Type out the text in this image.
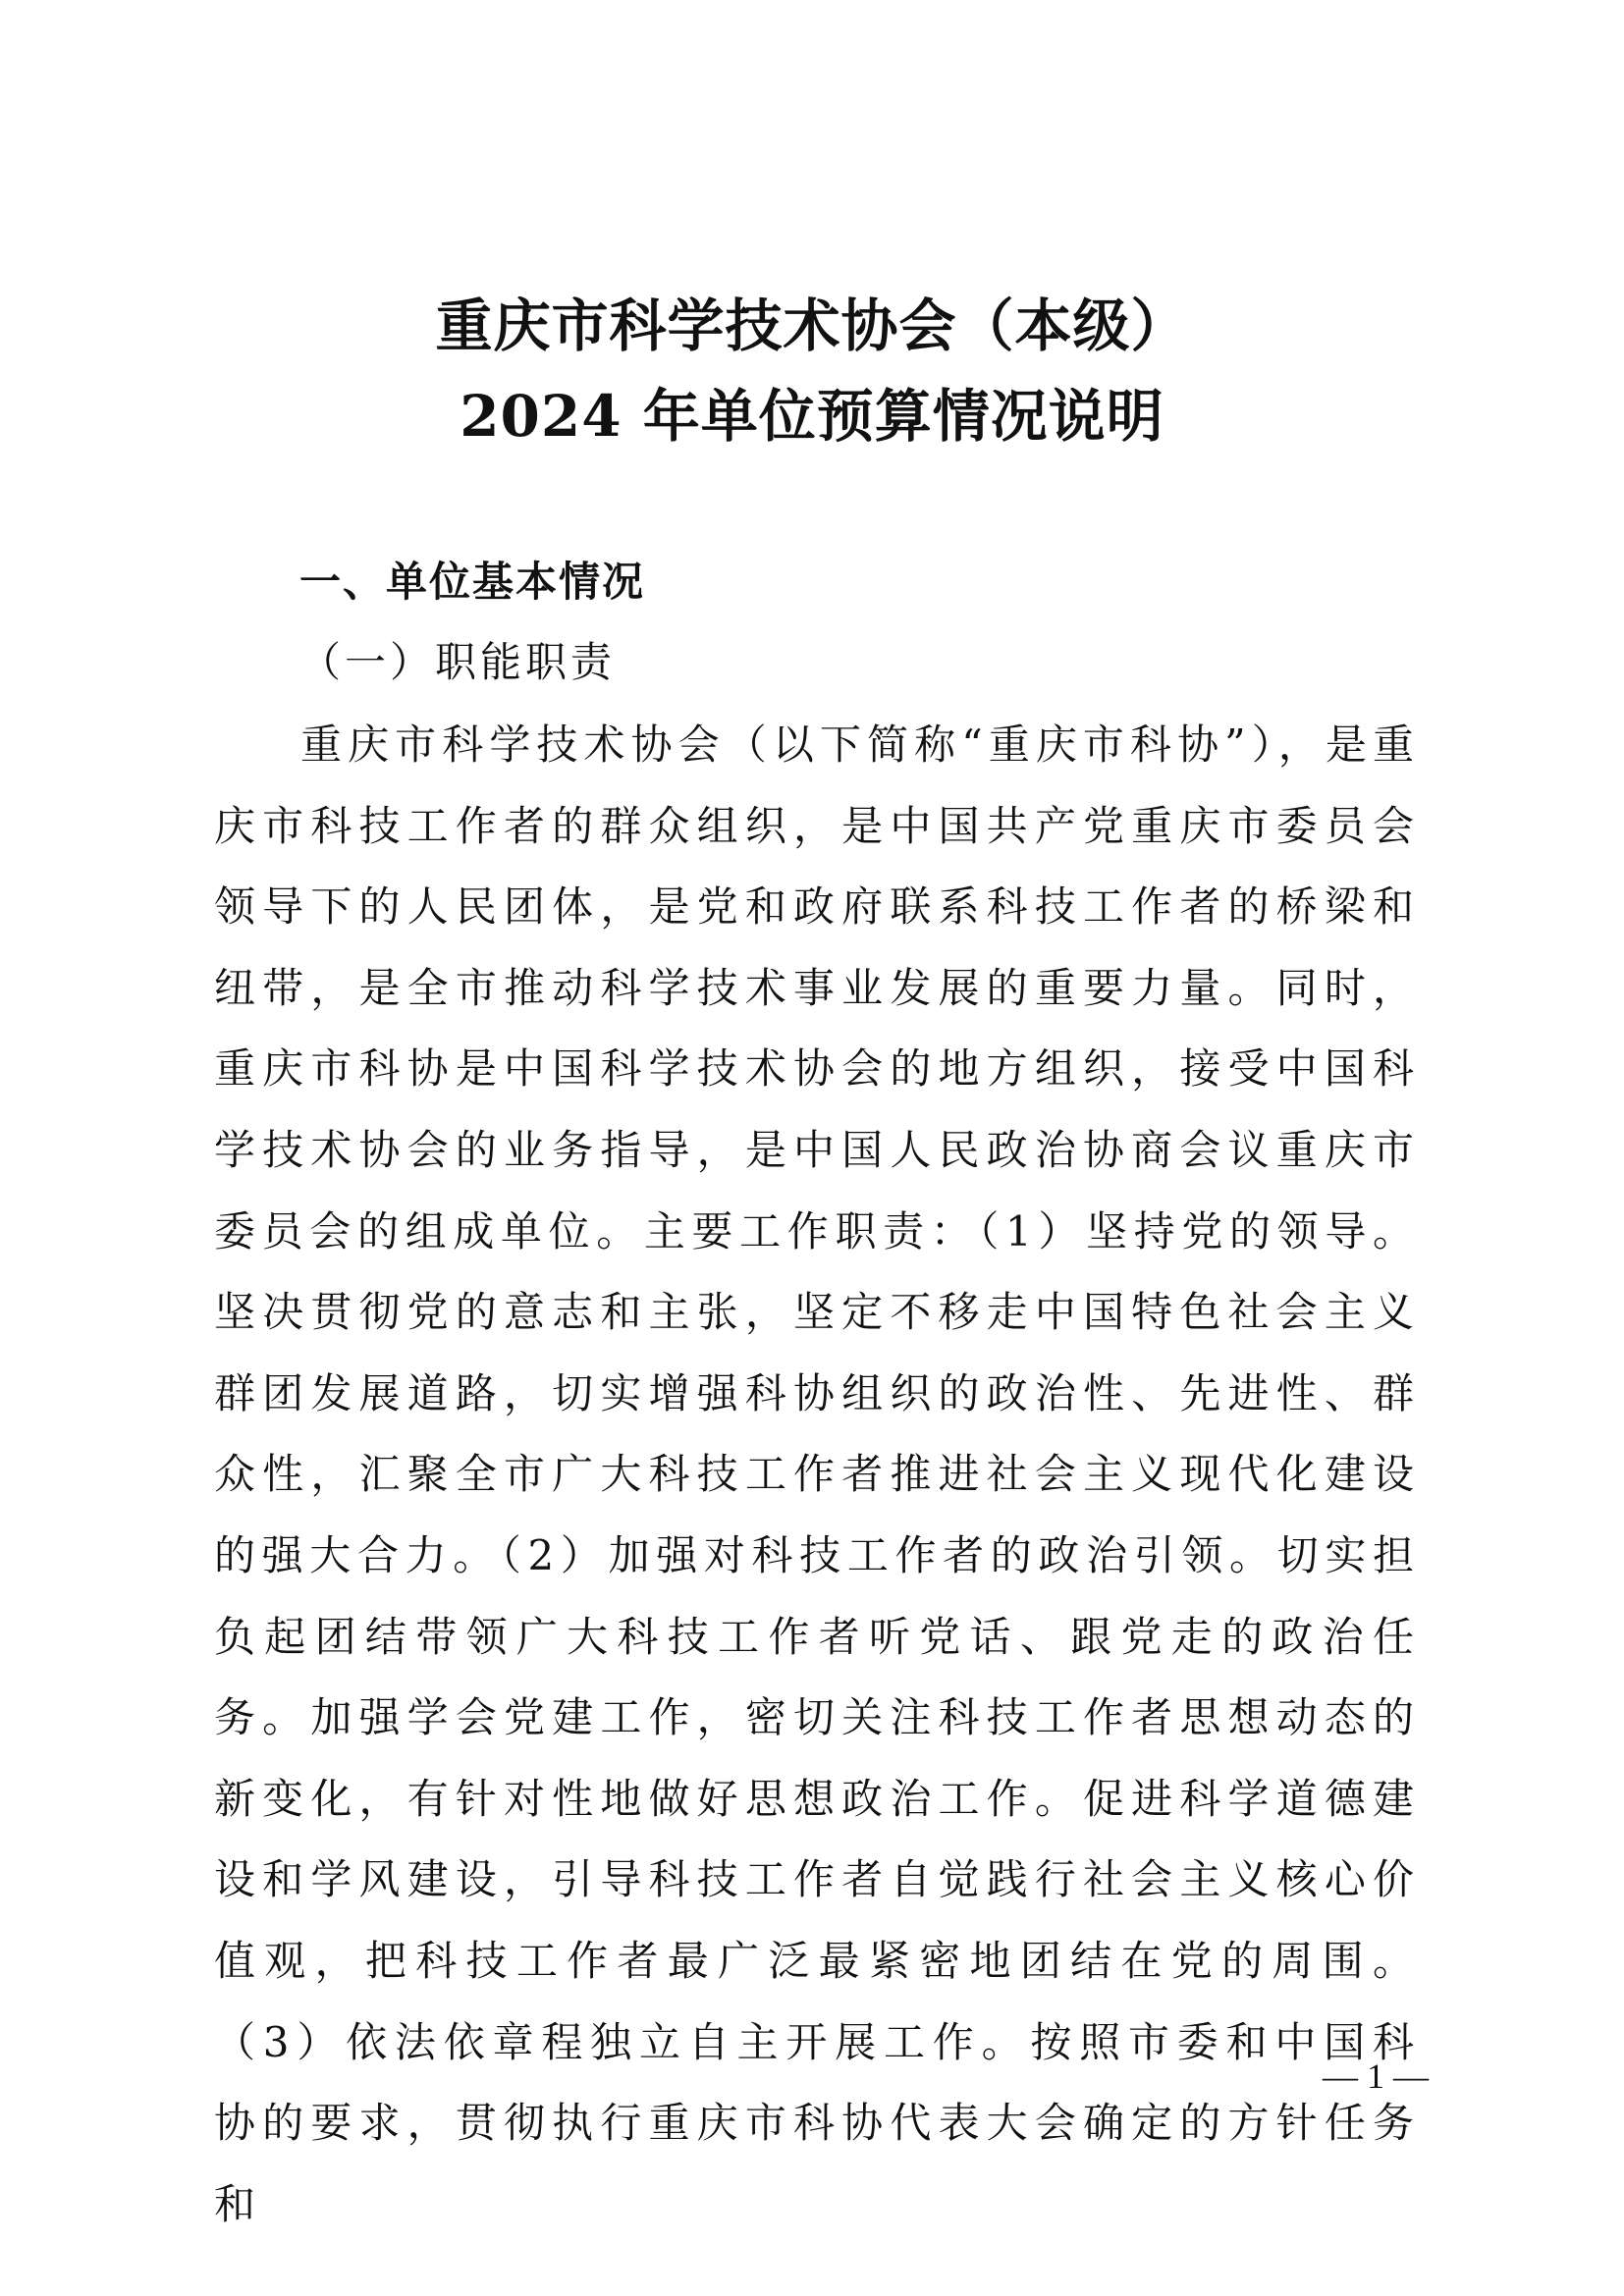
重庆市科学技术协会（本级）
2024 年单位预算情况说明
一、单位基本情况
（一）职能职责

重庆市科学技术协会（以下简称“重庆市科协”），是重庆市科技工作者的群众组织，是中国共产党重庆市委员会领导下的人民团体，是党和政府联系科技工作者的桥梁和纽带，是全市推动科学技术事业发展的重要力量。同时，重庆市科协是中国科学技术协会的地方组织，接受中国科学技术协会的业务指导，是中国人民政治协商会议重庆市委员会的组成单位。主要工作职责：（1）坚持党的领导。坚决贯彻党的意志和主张，坚定不移走中国特色社会主义群团发展道路，切实增强科协组织的政治性、先进性、群众性，汇聚全市广大科技工作者推进社会主义现代化建设的强大合力。（2）加强对科技工作者的政治引领。切实担负起团结带领广大科技工作者听党话、跟党走的政治任务。加强学会党建工作，密切关注科技工作者思想动态的新变化，有针对性地做好思想政治工作。促进科学道德建设和学风建设，引导科技工作者自觉践行社会主义核心价值观，把科技工作者最广泛最紧密地团结在党的周围。（3）依法依章程独立自主开展工作。按照市委和中国科协的要求，贯彻执行重庆市科协代表大会确定的方针任务和

— 1 —
